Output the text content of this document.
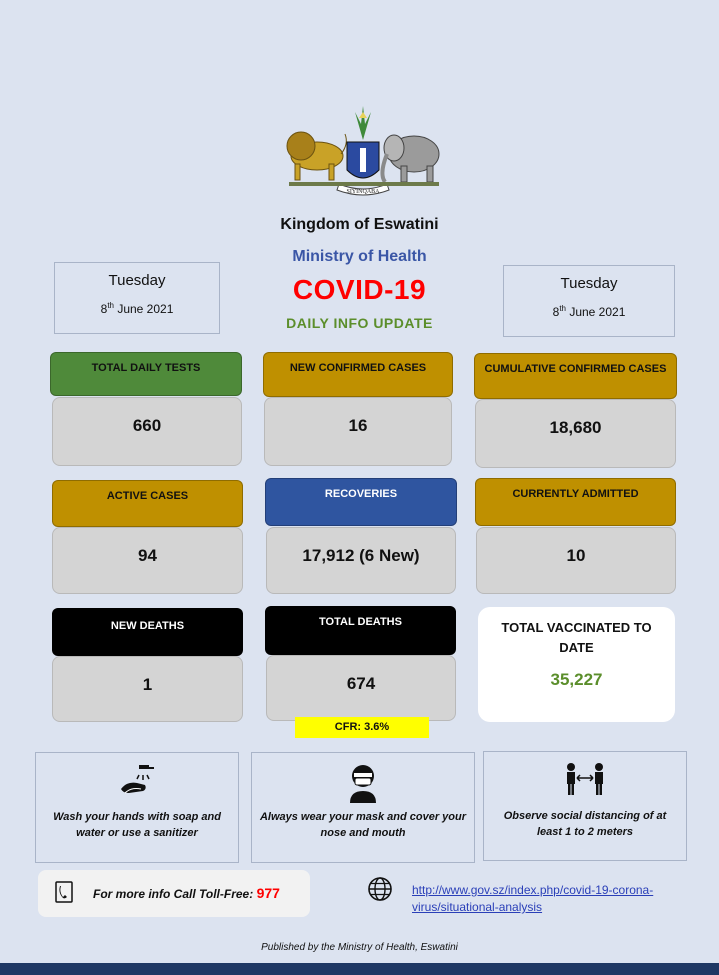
SIYINQABA
Kingdom of Eswatini
Ministry of Health
COVID-19
DAILY INFO UPDATE
Tuesday
8th June 2021
Tuesday
8th June 2021
TOTAL DAILY TESTS
660
NEW CONFIRMED CASES
16
CUMULATIVE CONFIRMED CASES
18,680
ACTIVE CASES
94
RECOVERIES
17,912 (6 New)
CURRENTLY ADMITTED
10
NEW DEATHS
1
TOTAL DEATHS
674
TOTAL VACCINATED TO DATE
35,227
CFR: 3.6%
Wash your hands with soap and water or use a sanitizer
Always wear your mask and cover your nose and mouth
Observe social distancing of at least 1 to 2 meters
For more info Call Toll-Free: 977	http://www.gov.sz/index.php/covid-19-corona-virus/situational-analysis
Published by the Ministry of Health, Eswatini
